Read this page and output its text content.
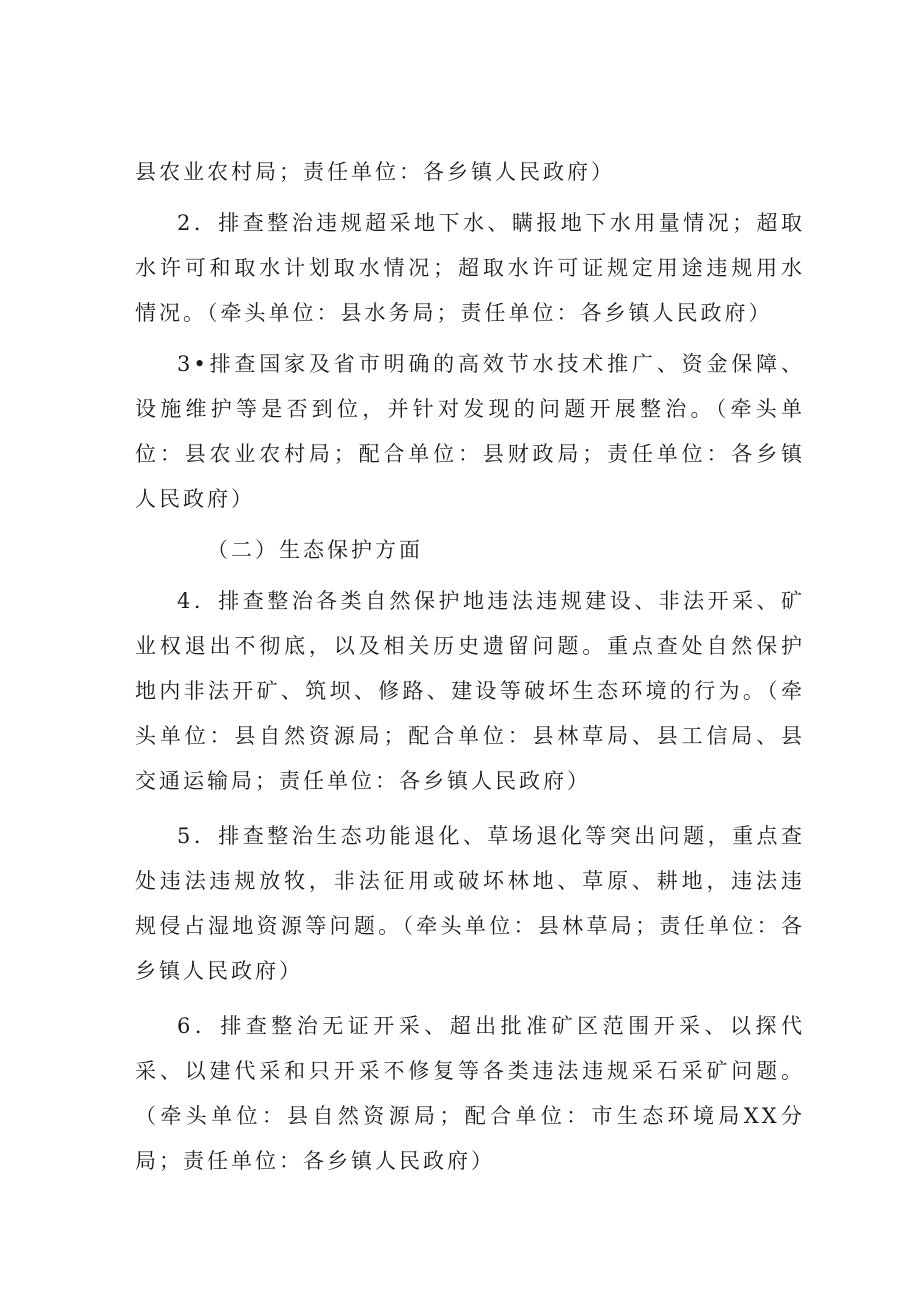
县农业农村局；责任单位：各乡镇人民政府）

2．排查整治违规超采地下水、瞒报地下水用量情况；超取水许可和取水计划取水情况；超取水许可证规定用途违规用水情况。（牵头单位：县水务局；责任单位：各乡镇人民政府）

3•排查国家及省市明确的高效节水技术推广、资金保障、设施维护等是否到位，并针对发现的问题开展整治。（牵头单位：县农业农村局；配合单位：县财政局；责任单位：各乡镇人民政府）

（二）生态保护方面

4．排查整治各类自然保护地违法违规建设、非法开采、矿业权退出不彻底，以及相关历史遗留问题。重点查处自然保护地内非法开矿、筑坝、修路、建设等破坏生态环境的行为。（牵头单位：县自然资源局；配合单位：县林草局、县工信局、县交通运输局；责任单位：各乡镇人民政府）

5．排查整治生态功能退化、草场退化等突出问题，重点查处违法违规放牧，非法征用或破坏林地、草原、耕地，违法违规侵占湿地资源等问题。（牵头单位：县林草局；责任单位：各乡镇人民政府）

6．排查整治无证开采、超出批准矿区范围开采、以探代采、以建代采和只开采不修复等各类违法违规采石采矿问题。（牵头单位：县自然资源局；配合单位：市生态环境局XX分局；责任单位：各乡镇人民政府）
